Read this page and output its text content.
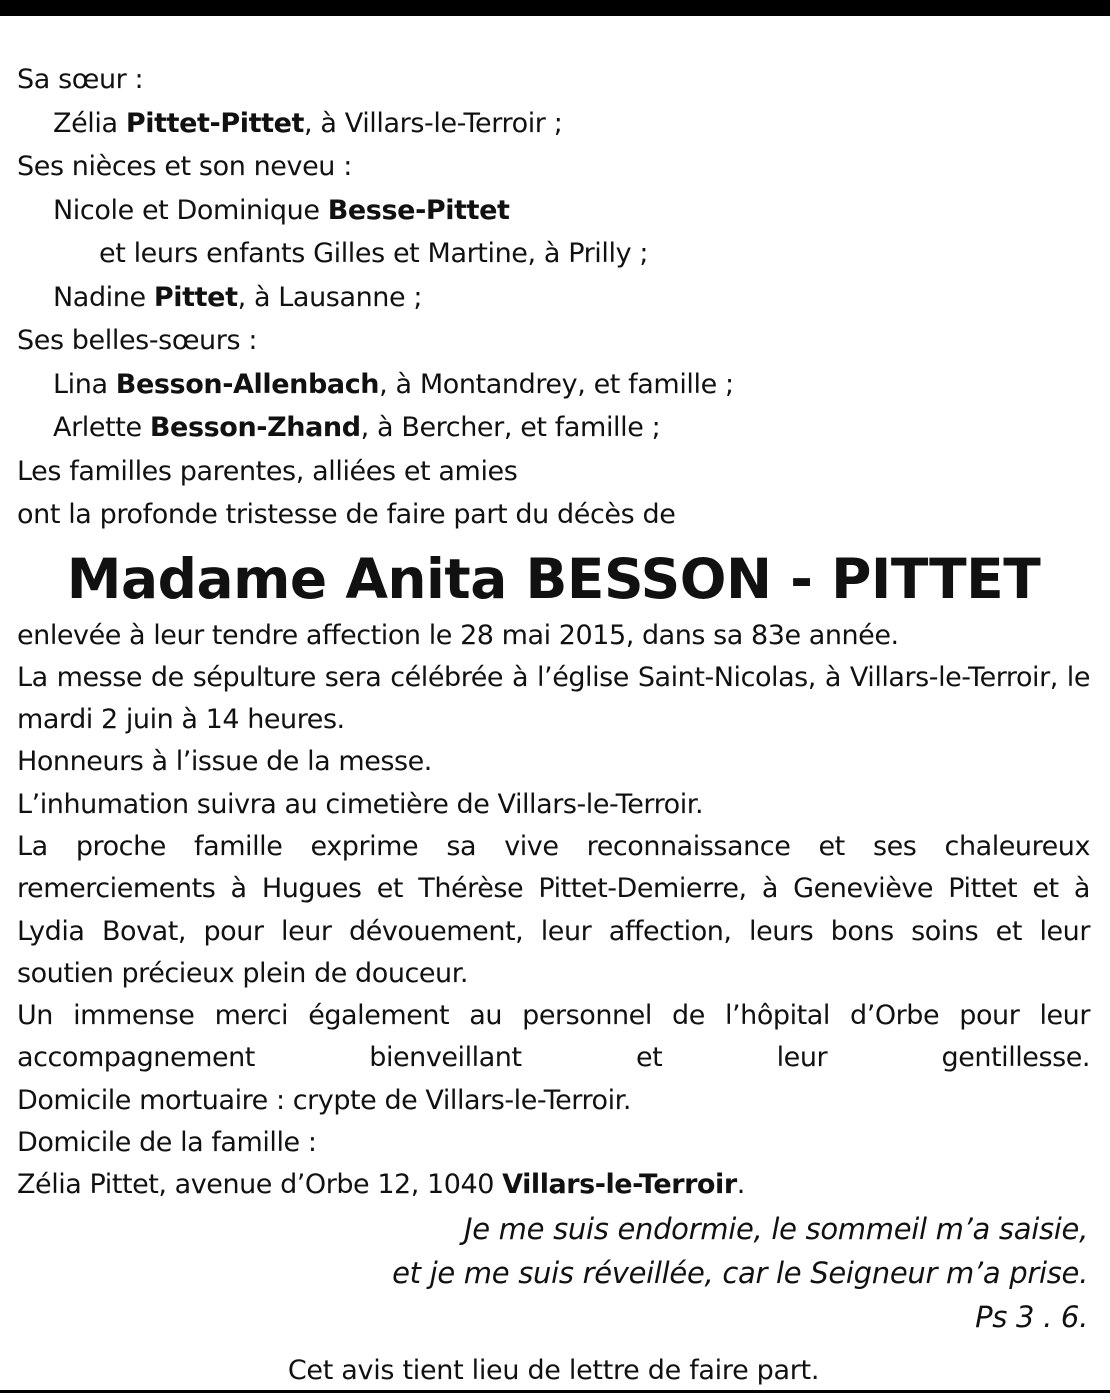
Sa sœur :
Zélia Pittet-Pittet, à Villars-le-Terroir ;
Ses nièces et son neveu :
Nicole et Dominique Besse-Pittet
et leurs enfants Gilles et Martine, à Prilly ;
Nadine Pittet, à Lausanne ;
Ses belles-sœurs :
Lina Besson-Allenbach, à Montandrey, et famille ;
Arlette Besson-Zhand, à Bercher, et famille ;
Les familles parentes, alliées et amies
ont la profonde tristesse de faire part du décès de
Madame Anita BESSON - PITTET
enlevée à leur tendre affection le 28 mai 2015, dans sa 83e année.
La messe de sépulture sera célébrée à l’église Saint-Nicolas, à Villars-le-Terroir, le mardi 2 juin à 14 heures.
Honneurs à l’issue de la messe.
L’inhumation suivra au cimetière de Villars-le-Terroir.
La proche famille exprime sa vive reconnaissance et ses chaleureux remerciements à Hugues et Thérèse Pittet-Demierre, à Geneviève Pittet et à Lydia Bovat, pour leur dévouement, leur affection, leurs bons soins et leur soutien précieux plein de douceur.
Un immense merci également au personnel de l’hôpital d’Orbe pour leur accompagnement bienveillant et leur gentillesse.
Domicile mortuaire : crypte de Villars-le-Terroir.
Domicile de la famille :
Zélia Pittet, avenue d’Orbe 12, 1040 Villars-le-Terroir.
Je me suis endormie, le sommeil m’a saisie,
et je me suis réveillée, car le Seigneur m’a prise.
Ps 3 . 6.
Cet avis tient lieu de lettre de faire part.
